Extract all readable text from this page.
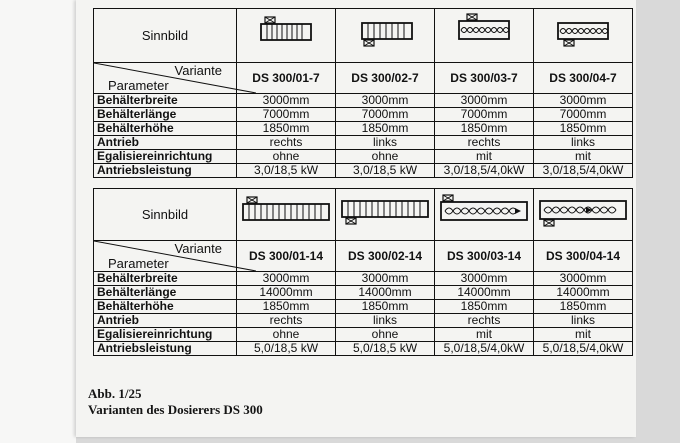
Sinnbild				

Variante
Parameter	DS 300/01-7	DS 300/02-7	DS 300/03-7	DS 300/04-7
Behälterbreite	3000mm	3000mm	3000mm	3000mm
Behälterlänge	7000mm	7000mm	7000mm	7000mm
Behälterhöhe	1850mm	1850mm	1850mm	1850mm
Antrieb	rechts	links	rechts	links
Egalisiereinrichtung	ohne	ohne	mit	mit
Antriebsleistung	3,0/18,5 kW	3,0/18,5 kW	3,0/18,5/4,0kW	3,0/18,5/4,0kW
Sinnbild				

Variante
Parameter	DS 300/01-14	DS 300/02-14	DS 300/03-14	DS 300/04-14
Behälterbreite	3000mm	3000mm	3000mm	3000mm
Behälterlänge	14000mm	14000mm	14000mm	14000mm
Behälterhöhe	1850mm	1850mm	1850mm	1850mm
Antrieb	rechts	links	rechts	links
Egalisiereinrichtung	ohne	ohne	mit	mit
Antriebsleistung	5,0/18,5 kW	5,0/18,5 kW	5,0/18,5/4,0kW	5,0/18,5/4,0kW
Abb. 1/25
Varianten des Dosierers DS 300
